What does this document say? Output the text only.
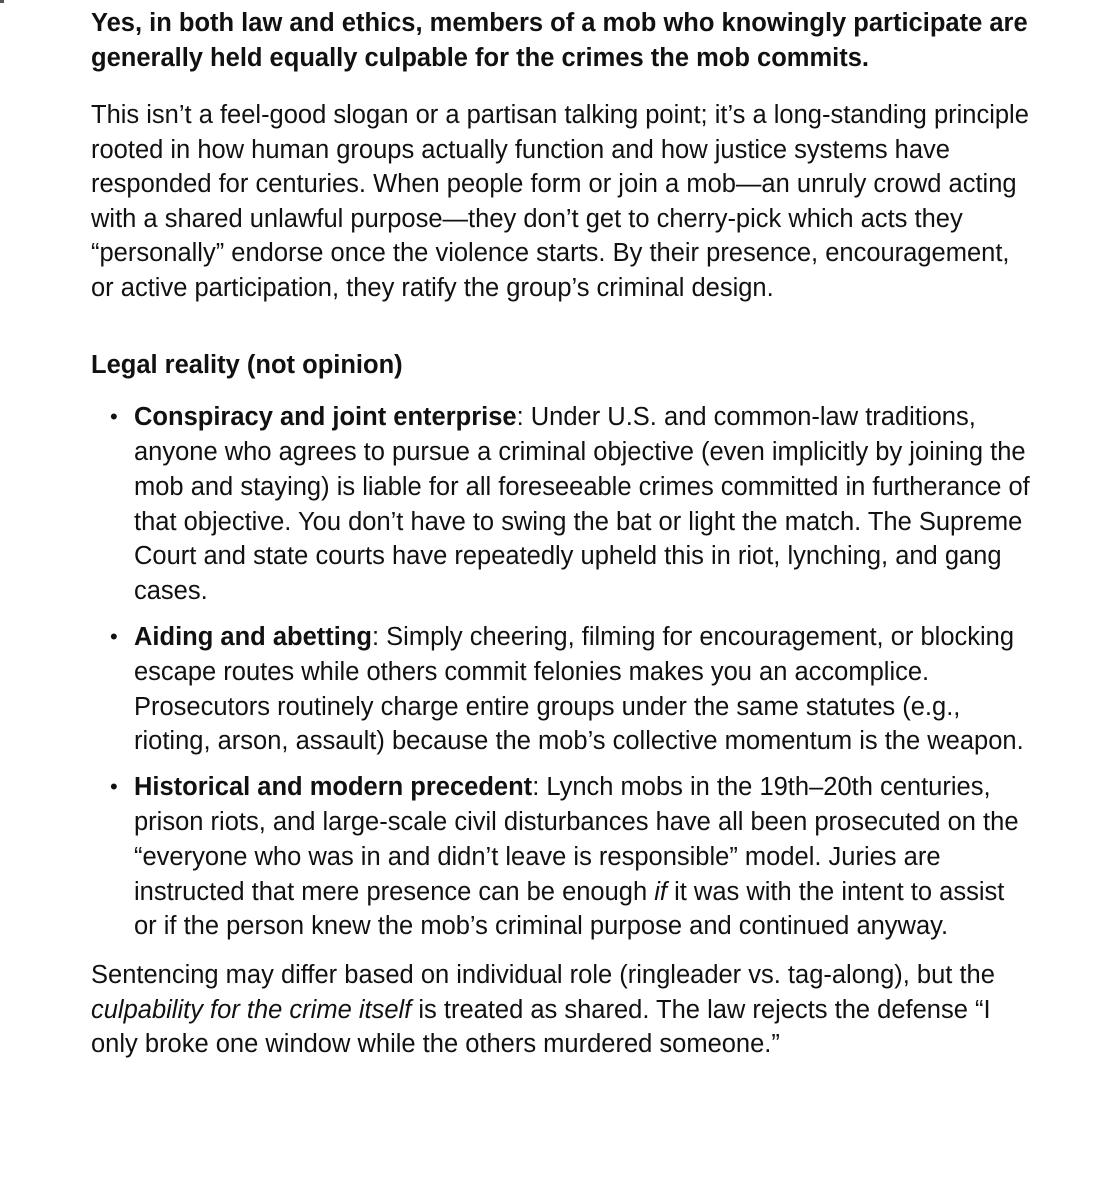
Yes, in both law and ethics, members of a mob who knowingly participate are generally held equally culpable for the crimes the mob commits.

This isn’t a feel-good slogan or a partisan talking point; it’s a long-standing principle rooted in how human groups actually function and how justice systems have responded for centuries. When people form or join a mob—an unruly crowd acting with a shared unlawful purpose—they don’t get to cherry-pick which acts they “personally” endorse once the violence starts. By their presence, encouragement, or active participation, they ratify the group’s criminal design.

Legal reality (not opinion)
• Conspiracy and joint enterprise: Under U.S. and common-law traditions, anyone who agrees to pursue a criminal objective (even implicitly by joining the mob and staying) is liable for all foreseeable crimes committed in furtherance of that objective. You don’t have to swing the bat or light the match. The Supreme Court and state courts have repeatedly upheld this in riot, lynching, and gang cases.
• Aiding and abetting: Simply cheering, filming for encouragement, or blocking escape routes while others commit felonies makes you an accomplice. Prosecutors routinely charge entire groups under the same statutes (e.g., rioting, arson, assault) because the mob’s collective momentum is the weapon.
• Historical and modern precedent: Lynch mobs in the 19th–20th centuries, prison riots, and large-scale civil disturbances have all been prosecuted on the “everyone who was in and didn’t leave is responsible” model. Juries are instructed that mere presence can be enough if it was with the intent to assist or if the person knew the mob’s criminal purpose and continued anyway.

Sentencing may differ based on individual role (ringleader vs. tag-along), but the culpability for the crime itself is treated as shared. The law rejects the defense “I only broke one window while the others murdered someone.”
